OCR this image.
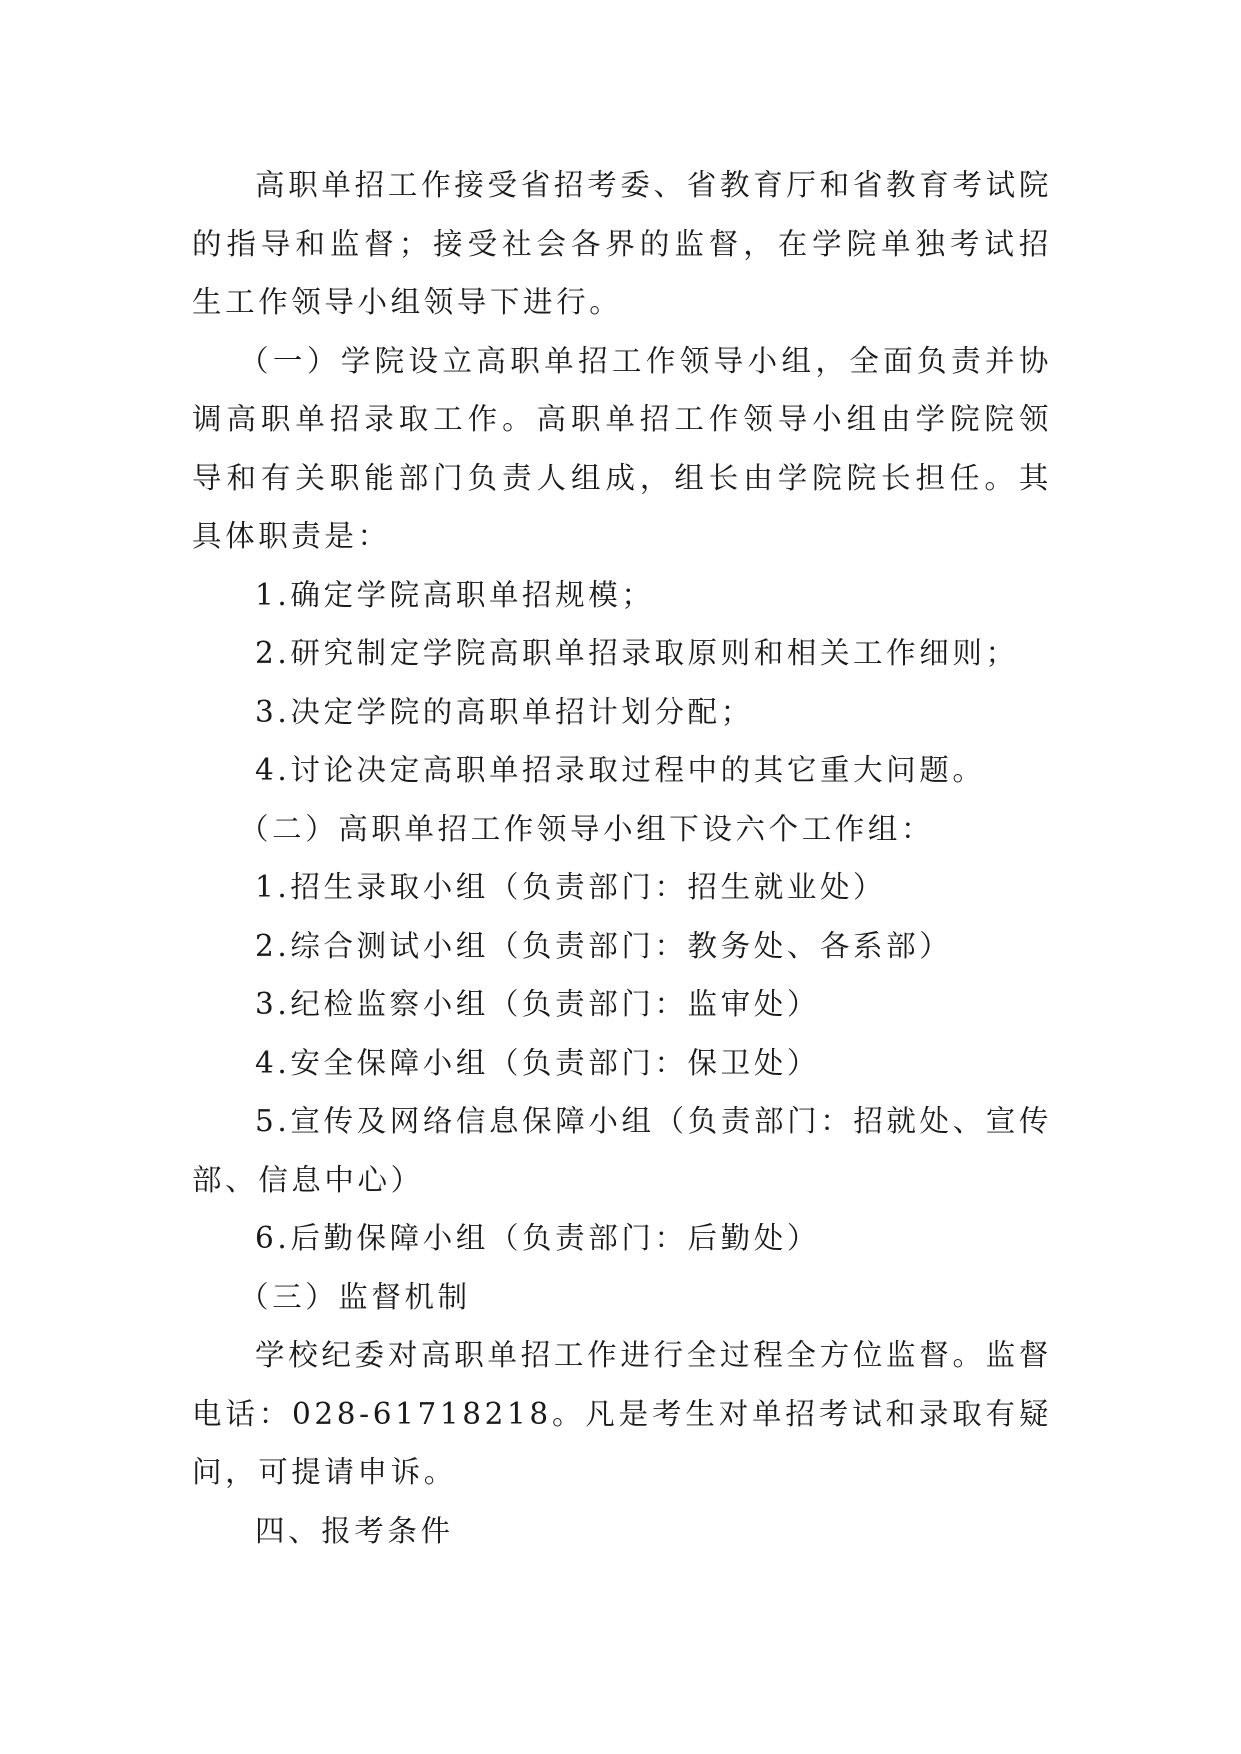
高职单招工作接受省招考委、省教育厅和省教育考试院的指导和监督；接受社会各界的监督，在学院单独考试招生工作领导小组领导下进行。

（一）学院设立高职单招工作领导小组，全面负责并协调高职单招录取工作。高职单招工作领导小组由学院院领导和有关职能部门负责人组成，组长由学院院长担任。其具体职责是：

1.确定学院高职单招规模；

2.研究制定学院高职单招录取原则和相关工作细则；

3.决定学院的高职单招计划分配；

4.讨论决定高职单招录取过程中的其它重大问题。

（二）高职单招工作领导小组下设六个工作组：

1.招生录取小组（负责部门：招生就业处）

2.综合测试小组（负责部门：教务处、各系部）

3.纪检监察小组（负责部门：监审处）

4.安全保障小组（负责部门：保卫处）

5.宣传及网络信息保障小组（负责部门：招就处、宣传部、信息中心）

6.后勤保障小组（负责部门：后勤处）

（三）监督机制

学校纪委对高职单招工作进行全过程全方位监督。监督电话：028-61718218。凡是考生对单招考试和录取有疑问，可提请申诉。

四、报考条件
